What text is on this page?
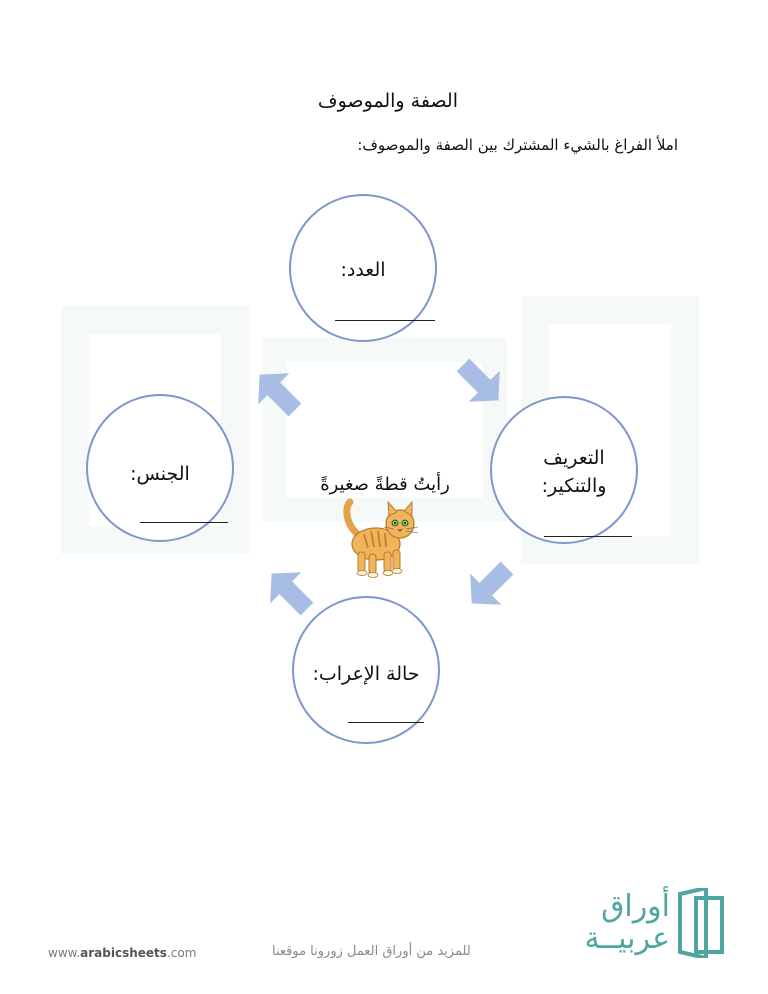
الصفة والموصوف
املأ الفراغ بالشيء المشترك بين الصفة والموصوف:
العدد:
التعريف
والتنكير:
حالة الإعراب:
الجنس:	رأيتُ قطةً صغيرةً
www.arabicsheets.com	للمزيد من أوراق العمل زورونا موقعنا
أوراق
عربيــة
